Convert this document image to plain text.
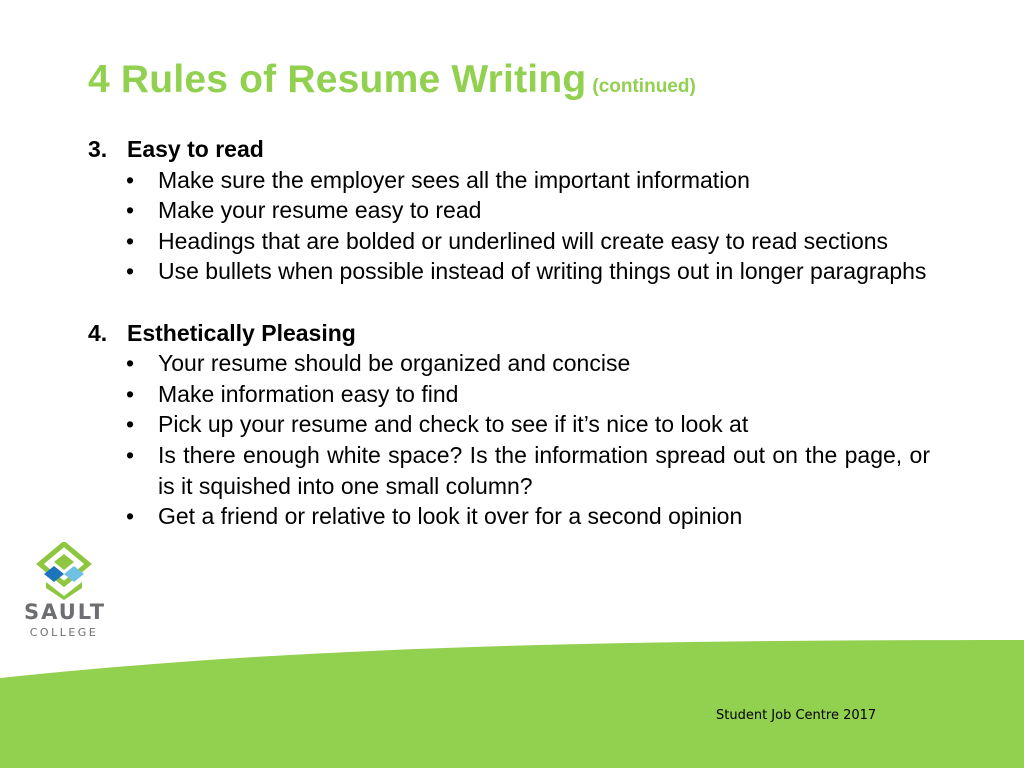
4 Rules of Resume Writing (continued)
3. Easy to read
• Make sure the employer sees all the important information
• Make your resume easy to read
• Headings that are bolded or underlined will create easy to read sections
• Use bullets when possible instead of writing things out in longer paragraphs
4. Esthetically Pleasing
• Your resume should be organized and concise
• Make information easy to find
• Pick up your resume and check to see if it’s nice to look at
• Is there enough white space? Is the information spread out on the page, or is it squished into one small column?
• Get a friend or relative to look it over for a second opinion
SAULT
COLLEGE
Student Job Centre 2017
